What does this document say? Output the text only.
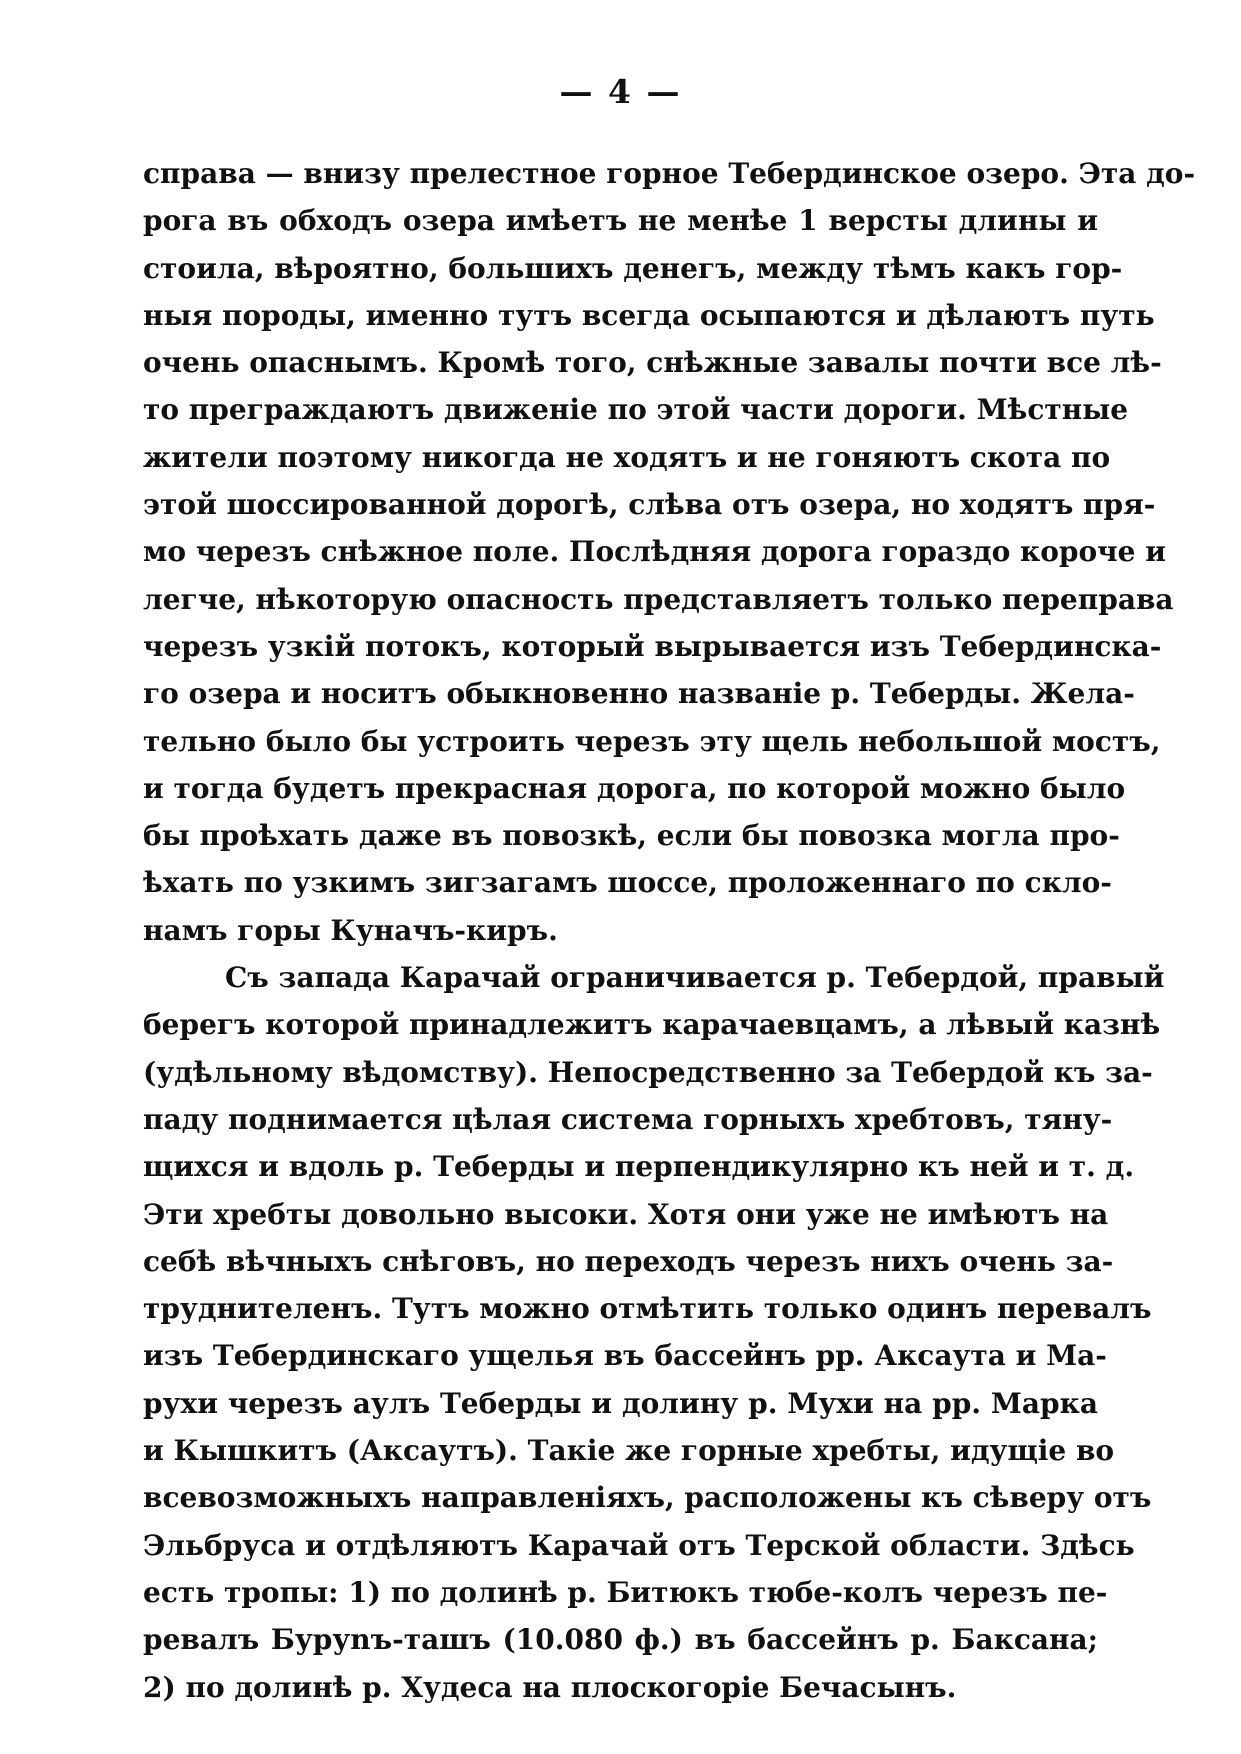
— 4 —
справа — внизу прелестное горное Тебердинское озеро. Эта до-
рога въ обходъ озера имѣетъ не менѣе 1 версты длины и
стоила, вѣроятно, большихъ денегъ, между тѣмъ какъ гор-
ныя породы, именно тутъ всегда осыпаются и дѣлаютъ путь
очень опаснымъ. Кромѣ того, снѣжные завалы почти все лѣ-
то преграждаютъ движеніе по этой части дороги. Мѣстные
жители поэтому никогда не ходятъ и не гоняютъ скота по
этой шоссированной дорогѣ, слѣва отъ озера, но ходятъ пря-
мо черезъ снѣжное поле. Послѣдняя дорога гораздо короче и
легче, нѣкоторую опасность представляетъ только переправа
черезъ узкій потокъ, который вырывается изъ Тебердинска-
го озера и носитъ обыкновенно названіе р. Теберды. Жела-
тельно было бы устроить черезъ эту щель небольшой мостъ,
и тогда будетъ прекрасная дорога, по которой можно было
бы проѣхать даже въ повозкѣ, если бы повозка могла про-
ѣхать по узкимъ зигзагамъ шоссе, проложеннаго по скло-
намъ горы Куначъ-киръ.
Съ запада Карачай ограничивается р. Тебердой, правый
берегъ которой принадлежитъ карачаевцамъ, а лѣвый казнѣ
(удѣльному вѣдомству). Непосредственно за Тебердой къ за-
паду поднимается цѣлая система горныхъ хребтовъ, тяну-
щихся и вдоль р. Теберды и перпендикулярно къ ней и т. д.
Эти хребты довольно высоки. Хотя они уже не имѣютъ на
себѣ вѣчныхъ снѣговъ, но переходъ черезъ нихъ очень за-
труднителенъ. Тутъ можно отмѣтить только одинъ перевалъ
изъ Тебердинскаго ущелья въ бассейнъ рр. Аксаута и Ма-
рухи черезъ аулъ Теберды и долину р. Мухи на рр. Марка
и Кышкитъ (Аксаутъ). Такіе же горные хребты, идущіе во
всевозможныхъ направленіяхъ, расположены къ сѣверу отъ
Эльбруса и отдѣляютъ Карачай отъ Терской области. Здѣсь
есть тропы: 1) по долинѣ р. Битюкъ тюбе-колъ черезъ пе-
ревалъ Буруnъ-ташъ (10.080 ф.) въ бассейнъ р. Баксана;
2) по долинѣ р. Худеса на плоскогоріе Бечасынъ.
